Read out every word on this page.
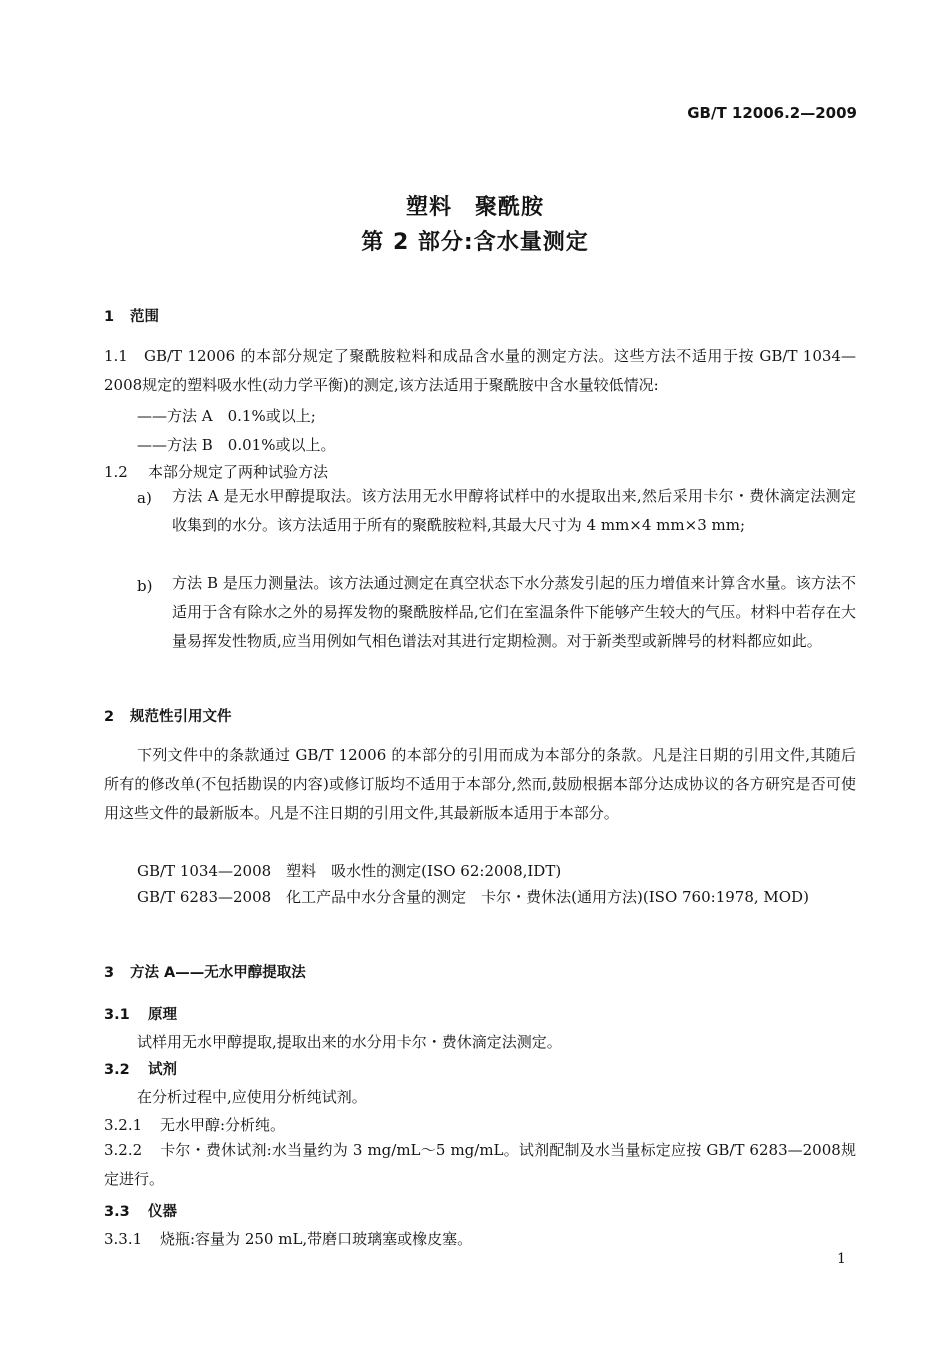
GB/T 12006.2—2009
塑料　聚酰胺
第 2 部分:含水量测定
1 范围
1.1 GB/T 12006 的本部分规定了聚酰胺粒料和成品含水量的测定方法。这些方法不适用于按 GB/T 1034—2008规定的塑料吸水性(动力学平衡)的测定,该方法适用于聚酰胺中含水量较低情况:
——方法 A　0.1%或以上;
——方法 B　0.01%或以上。
1.2 本部分规定了两种试验方法
a) 方法 A 是无水甲醇提取法。该方法用无水甲醇将试样中的水提取出来,然后采用卡尔・费休滴定法测定收集到的水分。该方法适用于所有的聚酰胺粒料,其最大尺寸为 4 mm×4 mm×3 mm;
b) 方法 B 是压力测量法。该方法通过测定在真空状态下水分蒸发引起的压力增值来计算含水量。该方法不适用于含有除水之外的易挥发物的聚酰胺样品,它们在室温条件下能够产生较大的气压。材料中若存在大量易挥发性物质,应当用例如气相色谱法对其进行定期检测。对于新类型或新牌号的材料都应如此。
2 规范性引用文件
下列文件中的条款通过 GB/T 12006 的本部分的引用而成为本部分的条款。凡是注日期的引用文件,其随后所有的修改单(不包括勘误的内容)或修订版均不适用于本部分,然而,鼓励根据本部分达成协议的各方研究是否可使用这些文件的最新版本。凡是不注日期的引用文件,其最新版本适用于本部分。
GB/T 1034—2008　塑料　吸水性的测定(ISO 62:2008,IDT)
GB/T 6283—2008　化工产品中水分含量的测定　卡尔・费休法(通用方法)(ISO 760:1978, MOD)
3 方法 A——无水甲醇提取法
3.1 原理
试样用无水甲醇提取,提取出来的水分用卡尔・费休滴定法测定。
3.2 试剂
在分析过程中,应使用分析纯试剂。
3.2.1 无水甲醇:分析纯。
3.2.2 卡尔・费休试剂:水当量约为 3 mg/mL～5 mg/mL。试剂配制及水当量标定应按 GB/T 6283—2008规定进行。
3.3 仪器
3.3.1 烧瓶:容量为 250 mL,带磨口玻璃塞或橡皮塞。
1
